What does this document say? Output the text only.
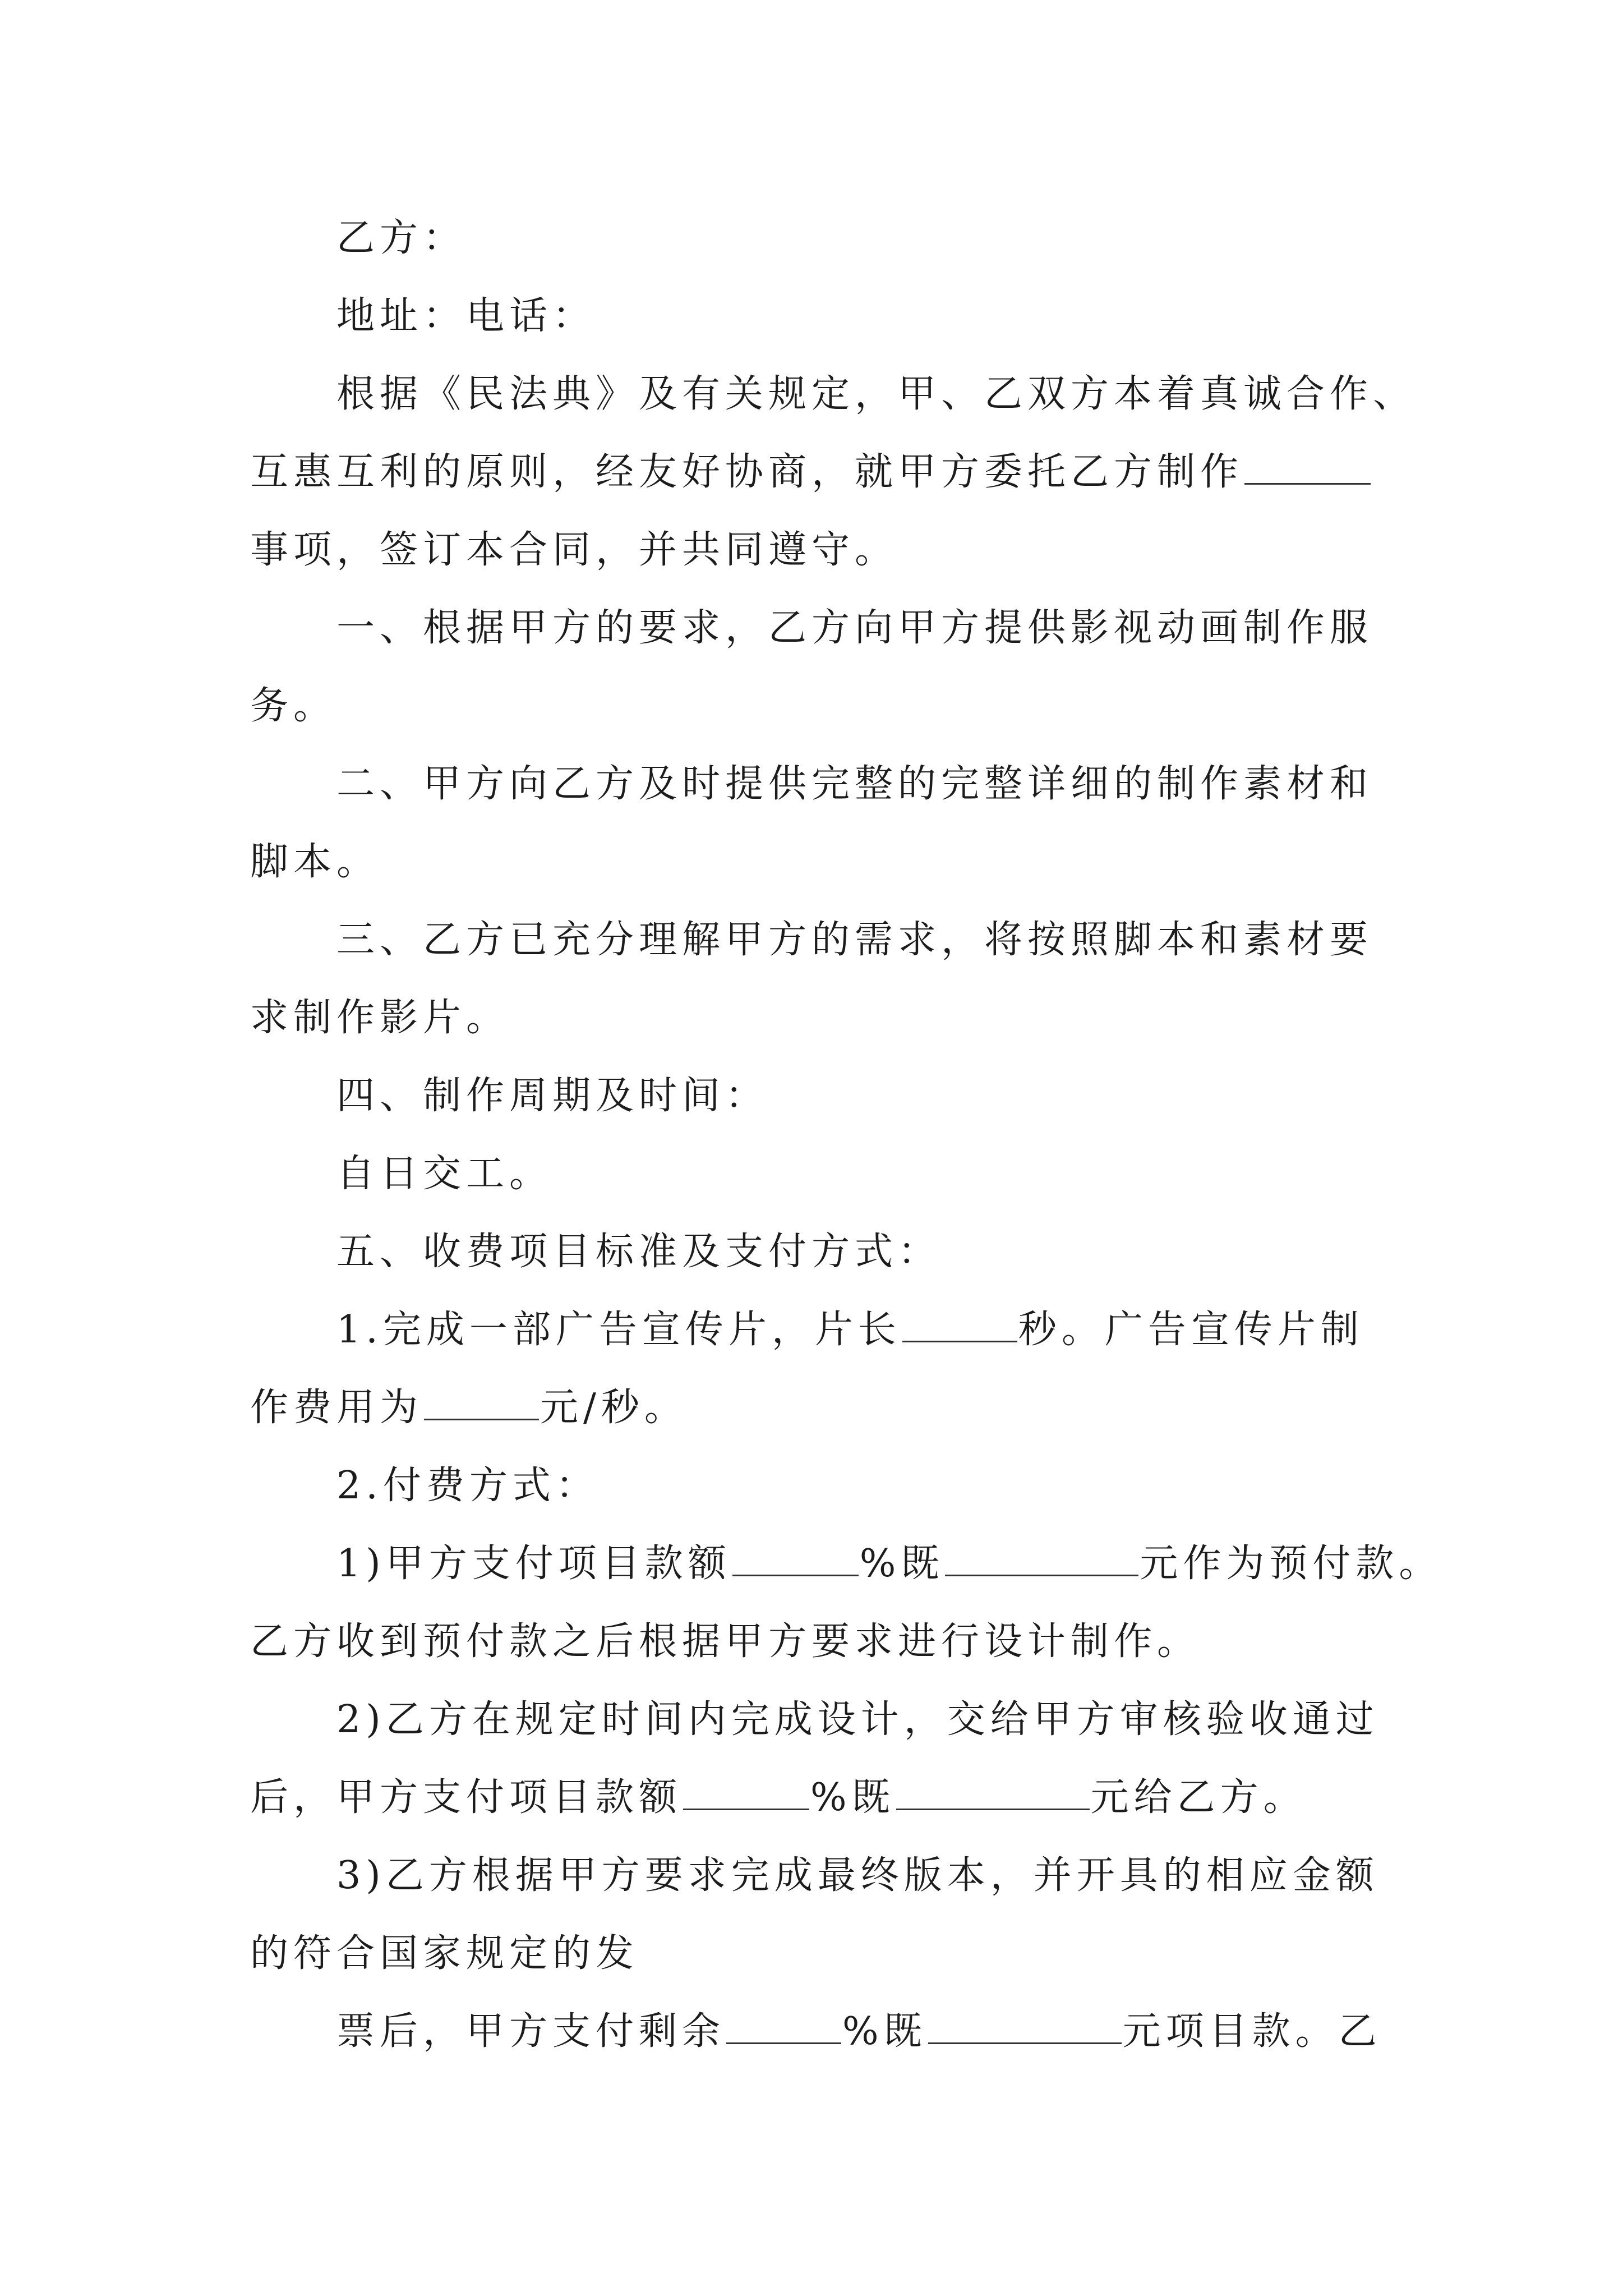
乙方：
地址：电话：
根据《民法典》及有关规定，甲、乙双方本着真诚合作、
互惠互利的原则，经友好协商，就甲方委托乙方制作
事项，签订本合同，并共同遵守。
一、根据甲方的要求，乙方向甲方提供影视动画制作服
务。
二、甲方向乙方及时提供完整的完整详细的制作素材和
脚本。
三、乙方已充分理解甲方的需求，将按照脚本和素材要
求制作影片。
四、制作周期及时间：
自日交工。
五、收费项目标准及支付方式：
1.完成一部广告宣传片，片长	秒。广告宣传片制
作费用为	元/秒。
2.付费方式：
1)甲方支付项目款额	%既	元作为预付款。
乙方收到预付款之后根据甲方要求进行设计制作。
2)乙方在规定时间内完成设计，交给甲方审核验收通过
后，甲方支付项目款额	%既	元给乙方。
3)乙方根据甲方要求完成最终版本，并开具的相应金额
的符合国家规定的发
票后，甲方支付剩余	%既	元项目款。乙
